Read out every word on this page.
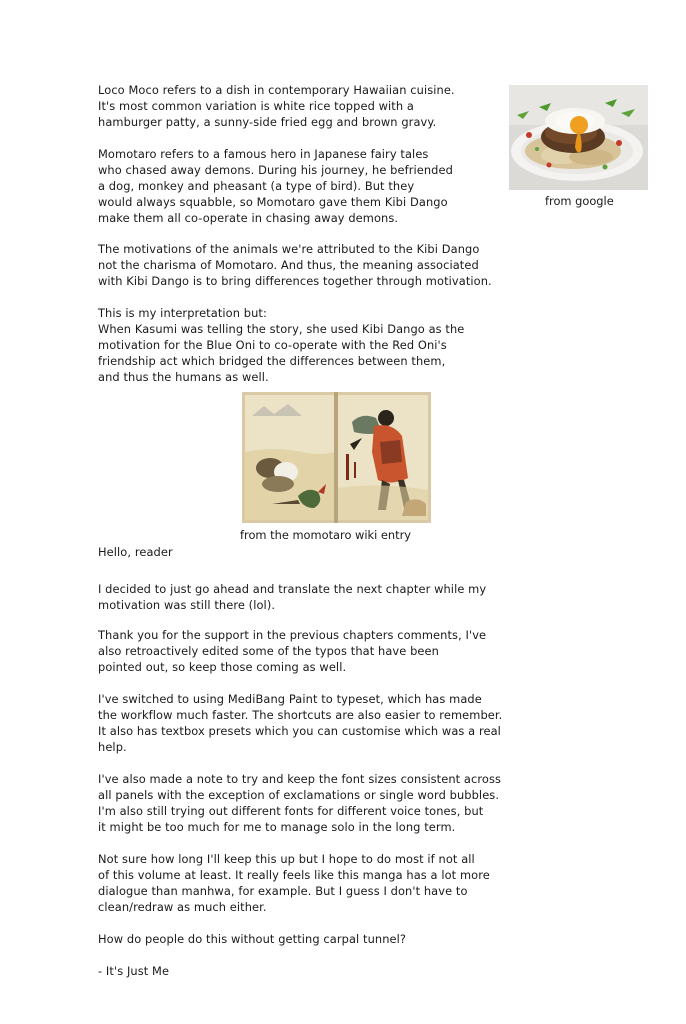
Loco Moco refers to a dish in contemporary Hawaiian cuisine.
It's most common variation is white rice topped with a
hamburger patty, a sunny-side fried egg and brown gravy.

Momotaro refers to a famous hero in Japanese fairy tales
who chased away demons. During his journey, he befriended
a dog, monkey and pheasant (a type of bird). But they
would always squabble, so Momotaro gave them Kibi Dango
make them all co-operate in chasing away demons.

The motivations of the animals we're attributed to the Kibi Dango
not the charisma of Momotaro. And thus, the meaning associated
with Kibi Dango is to bring differences together through motivation.

This is my interpretation but:
When Kasumi was telling the story, she used Kibi Dango as the
motivation for the Blue Oni to co-operate with the Red Oni's
friendship act which bridged the differences between them,
and thus the humans as well.

from google
from the momotaro wiki entry

Hello, reader

I decided to just go ahead and translate the next chapter while my
motivation was still there (lol).

Thank you for the support in the previous chapters comments, I've
also retroactively edited some of the typos that have been
pointed out, so keep those coming as well.

I've switched to using MediBang Paint to typeset, which has made
the workflow much faster. The shortcuts are also easier to remember.
It also has textbox presets which you can customise which was a real
help.

I've also made a note to try and keep the font sizes consistent across
all panels with the exception of exclamations or single word bubbles.
I'm also still trying out different fonts for different voice tones, but
it might be too much for me to manage solo in the long term.

Not sure how long I'll keep this up but I hope to do most if not all
of this volume at least. It really feels like this manga has a lot more
dialogue than manhwa, for example. But I guess I don't have to
clean/redraw as much either.

How do people do this without getting carpal tunnel?

- It's Just Me
